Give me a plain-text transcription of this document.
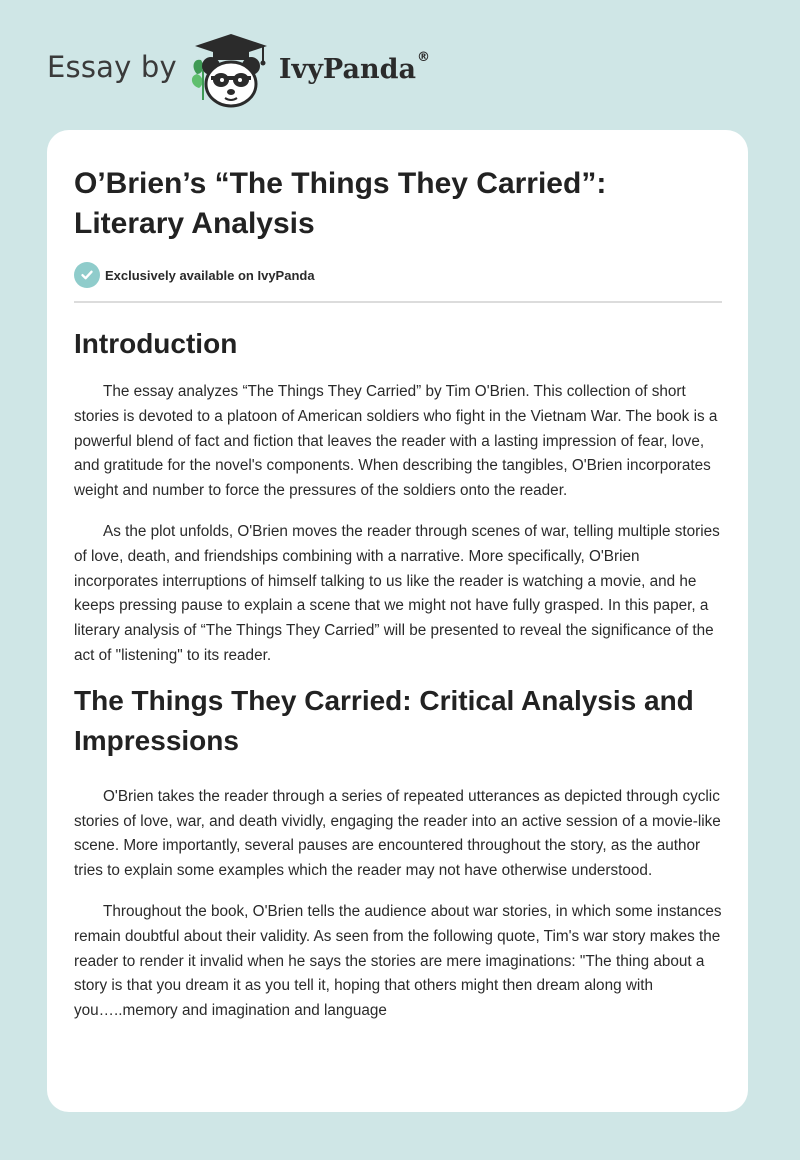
Essay by	IvyPanda®
O’Brien’s “The Things They Carried”: Literary Analysis
Exclusively available on IvyPanda
Introduction

The essay analyzes “The Things They Carried” by Tim O'Brien. This collection of short stories is devoted to a platoon of American soldiers who fight in the Vietnam War. The book is a powerful blend of fact and fiction that leaves the reader with a lasting impression of fear, love, and gratitude for the novel's components. When describing the tangibles, O'Brien incorporates weight and number to force the pressures of the soldiers onto the reader.

As the plot unfolds, O'Brien moves the reader through scenes of war, telling multiple stories of love, death, and friendships combining with a narrative. More specifically, O'Brien incorporates interruptions of himself talking to us like the reader is watching a movie, and he keeps pressing pause to explain a scene that we might not have fully grasped. In this paper, a literary analysis of “The Things They Carried” will be presented to reveal the significance of the act of "listening" to its reader.

The Things They Carried: Critical Analysis and Impressions

O'Brien takes the reader through a series of repeated utterances as depicted through cyclic stories of love, war, and death vividly, engaging the reader into an active session of a movie-like scene. More importantly, several pauses are encountered throughout the story, as the author tries to explain some examples which the reader may not have otherwise understood.

Throughout the book, O'Brien tells the audience about war stories, in which some instances remain doubtful about their validity. As seen from the following quote, Tim's war story makes the reader to render it invalid when he says the stories are mere imaginations: "The thing about a story is that you dream it as you tell it, hoping that others might then dream along with you…..memory and imagination and language
